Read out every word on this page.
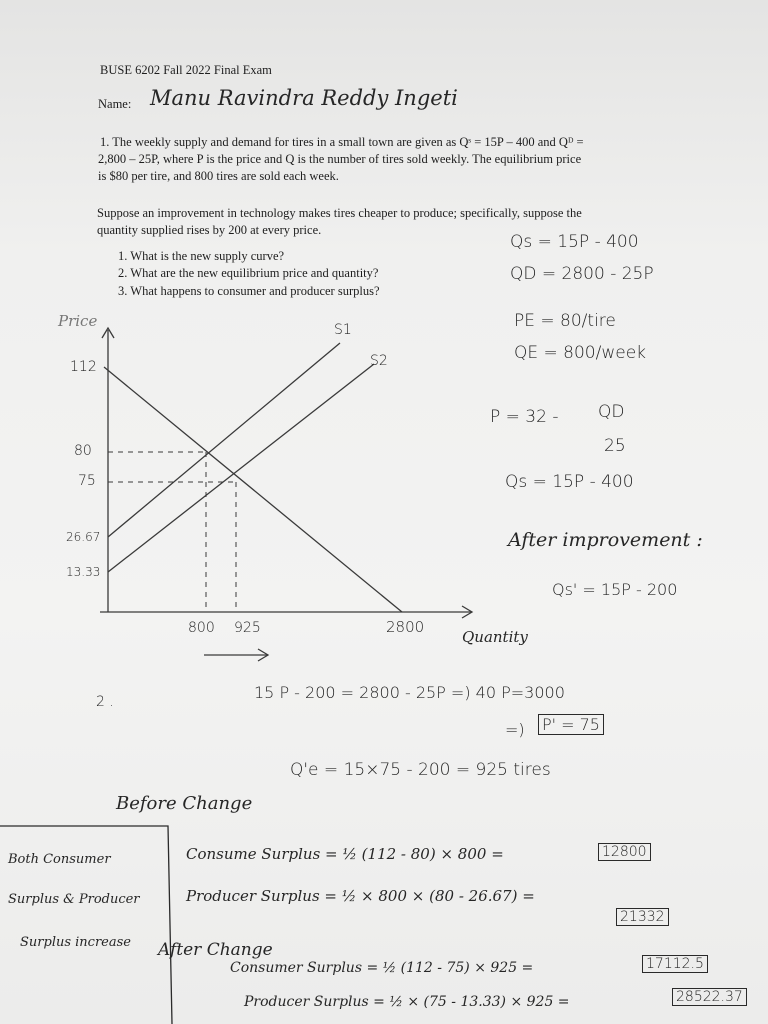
BUSE 6202 Fall 2022 Final Exam
Name: Manu Ravindra Reddy Ingeti
1. The weekly supply and demand for tires in a small town are given as Qˢ = 15P – 400 and Qᴰ =
2,800 – 25P, where P is the price and Q is the number of tires sold weekly. The equilibrium price
is $80 per tire, and 800 tires are sold each week.
Suppose an improvement in technology makes tires cheaper to produce; specifically, suppose the
quantity supplied rises by 200 at every price.
1. What is the new supply curve?
2. What are the new equilibrium price and quantity?
3. What happens to consumer and producer surplus?
Qs = 15P - 400
QD = 2800 - 25P
PE = 80/tire
QE = 800/week
P = 32 - QD
25
Qs = 15P - 400
After improvement :
Qs' = 15P - 200
Price
Quantity
S1
S2
112
80
75
26.67
13.33
800 925	2800
2 .	15 P - 200 = 2800 - 25P =) 40 P=3000
=) P' = 75
Q'e = 15×75 - 200 = 925 tires
Before Change
Consume Surplus = ½ (112 - 80) × 800 =	12800
Producer Surplus = ½ × 800 × (80 - 26.67) =
21332
After Change
Consumer Surplus = ½ (112 - 75) × 925 =	17112.5
Producer Surplus = ½ × (75 - 13.33) × 925 =	28522.37
Both Consumer
Surplus & Producer
Surplus increase
